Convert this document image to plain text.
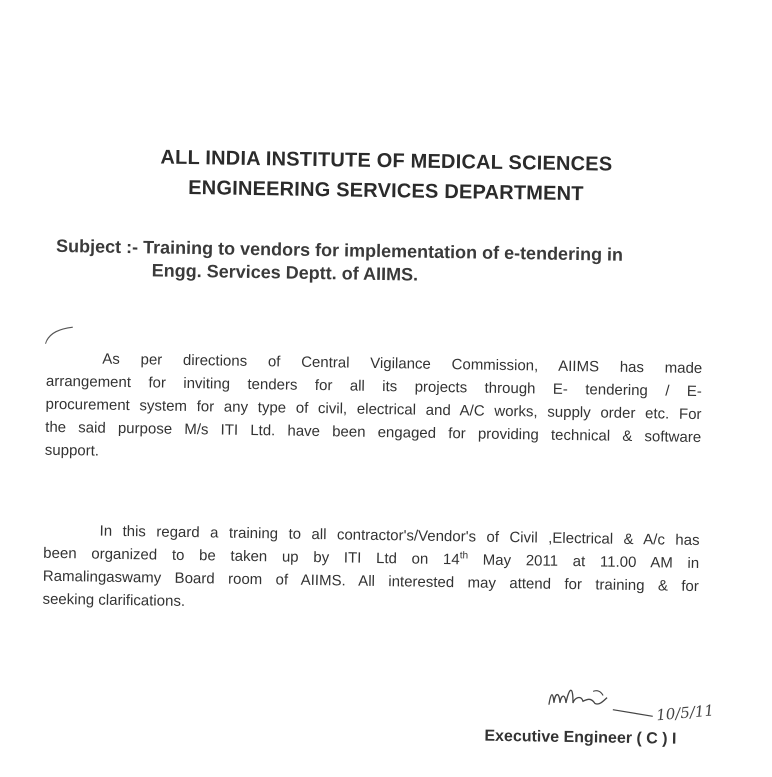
ALL INDIA INSTITUTE OF MEDICAL SCIENCES
ENGINEERING SERVICES DEPARTMENT
Subject :- Training to vendors for implementation of e-tendering in
Engg. Services Deptt. of AIIMS.
As per directions of Central Vigilance Commission, AIIMS has made
arrangement for inviting tenders for all its projects through E- tendering / E-
procurement system for any type of civil, electrical and A/C works, supply order etc. For
the said purpose M/s ITI Ltd. have been engaged for providing technical & software
support.
In this regard a training to all contractor's/Vendor's of Civil ,Electrical & A/c has
been organized to be taken up by ITI Ltd on 14th May 2011 at 11.00 AM in
Ramalingaswamy Board room of AIIMS. All interested may attend for training & for
seeking clarifications.
10/5/11
Executive Engineer ( C ) I
